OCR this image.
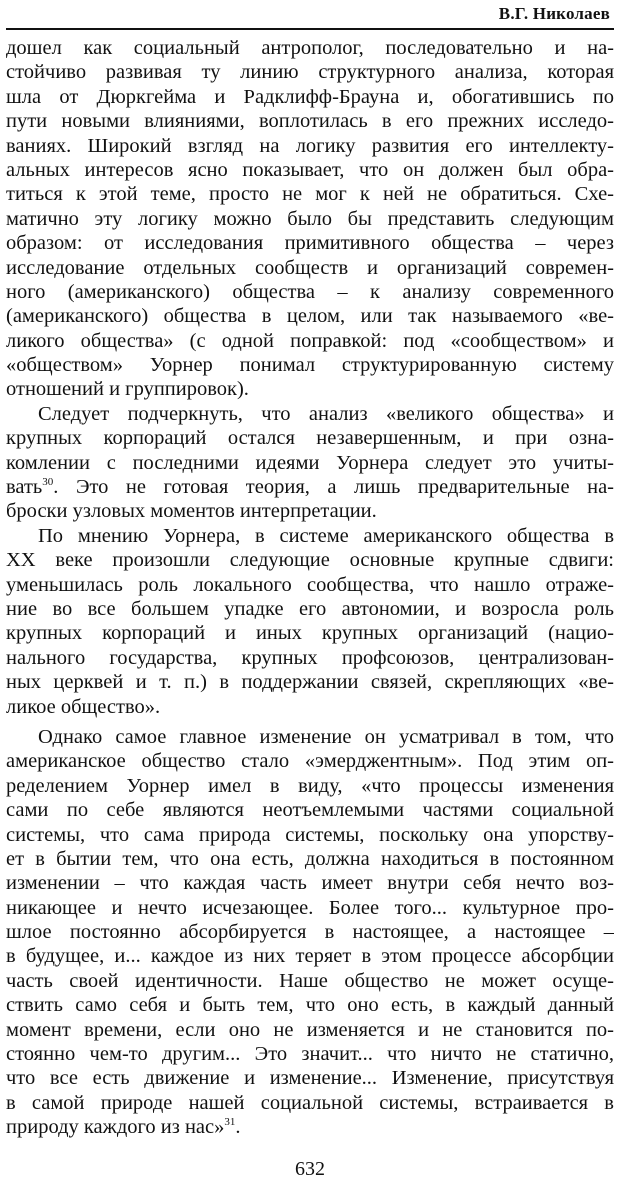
В.Г. Николаев
дошел как социальный антрополог, последовательно и на-
стойчиво развивая ту линию структурного анализа, которая
шла от Дюркгейма и Радклифф-Брауна и, обогатившись по
пути новыми влияниями, воплотилась в его прежних исследо-
ваниях. Широкий взгляд на логику развития его интеллекту-
альных интересов ясно показывает, что он должен был обра-
титься к этой теме, просто не мог к ней не обратиться. Схе-
матично эту логику можно было бы представить следующим
образом: от исследования примитивного общества – через
исследование отдельных сообществ и организаций современ-
ного (американского) общества – к анализу современного
(американского) общества в целом, или так называемого «ве-
ликого общества» (с одной поправкой: под «сообществом» и
«обществом» Уорнер понимал структурированную систему
отношений и группировок).
Следует подчеркнуть, что анализ «великого общества» и
крупных корпораций остался незавершенным, и при озна-
комлении с последними идеями Уорнера следует это учиты-
вать$^{30}$. Это не готовая теория, а лишь предварительные на-
броски узловых моментов интерпретации.
По мнению Уорнера, в системе американского общества в
XX веке произошли следующие основные крупные сдвиги:
уменьшилась роль локального сообщества, что нашло отраже-
ние во все большем упадке его автономии, и возросла роль
крупных корпораций и иных крупных организаций (нацио-
нального государства, крупных профсоюзов, централизован-
ных церквей и т. п.) в поддержании связей, скрепляющих «ве-
ликое общество».
Однако самое главное изменение он усматривал в том, что
американское общество стало «эмерджентным». Под этим оп-
ределением Уорнер имел в виду, «что процессы изменения
сами по себе являются неотъемлемыми частями социальной
системы, что сама природа системы, поскольку она упорству-
ет в бытии тем, что она есть, должна находиться в постоянном
изменении – что каждая часть имеет внутри себя нечто воз-
никающее и нечто исчезающее. Более того... культурное про-
шлое постоянно абсорбируется в настоящее, а настоящее –
в будущее, и... каждое из них теряет в этом процессе абсорбции
часть своей идентичности. Наше общество не может осуще-
ствить само себя и быть тем, что оно есть, в каждый данный
момент времени, если оно не изменяется и не становится по-
стоянно чем-то другим... Это значит... что ничто не статично,
что все есть движение и изменение... Изменение, присутствуя
в самой природе нашей социальной системы, встраивается в
природу каждого из нас»$^{31}$.
632
